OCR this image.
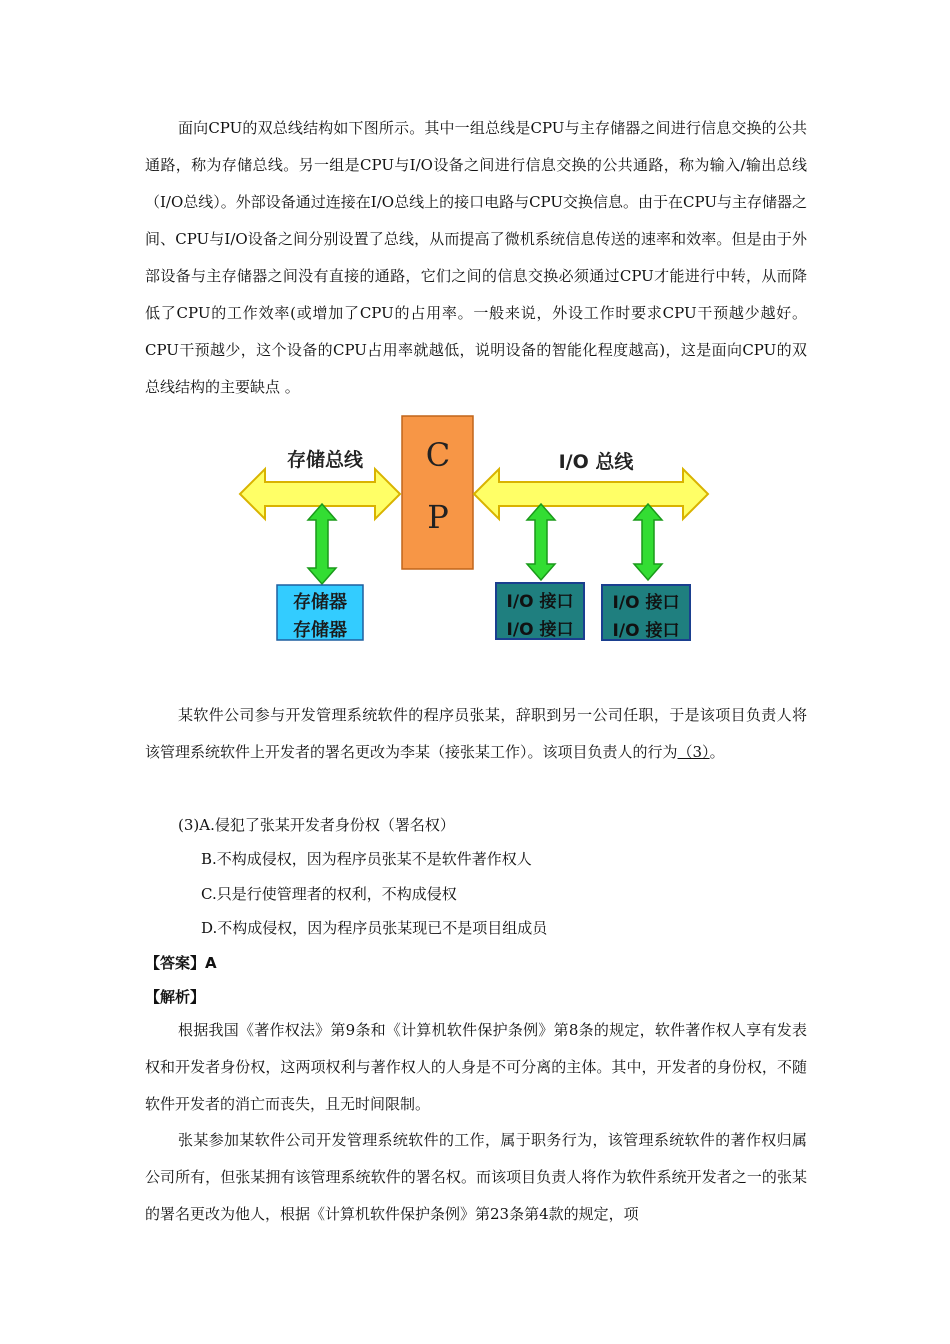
面向CPU的双总线结构如下图所示。其中一组总线是CPU与主存储器之间进行信息交换的公共通路，称为存储总线。另一组是CPU与I/O设备之间进行信息交换的公共通路，称为输入/输出总线（I/O总线）。外部设备通过连接在I/O总线上的接口电路与CPU交换信息。由于在CPU与主存储器之间、CPU与I/O设备之间分别设置了总线，从而提高了微机系统信息传送的速率和效率。但是由于外部设备与主存储器之间没有直接的通路，它们之间的信息交换必须通过CPU才能进行中转，从而降低了CPU的工作效率(或增加了CPU的占用率。一般来说，外设工作时要求CPU干预越少越好。CPU干预越少，这个设备的CPU占用率就越低，说明设备的智能化程度越高)，这是面向CPU的双总线结构的主要缺点 。

存储总线 C
P
I/O 总线
存储器
存储器
I/O 接口
I/O 接口
I/O 接口
I/O 接口

某软件公司参与开发管理系统软件的程序员张某，辞职到另一公司任职，于是该项目负责人将该管理系统软件上开发者的署名更改为李某（接张某工作）。该项目负责人的行为（3）。

(3)A.侵犯了张某开发者身份权（署名权）
B.不构成侵权，因为程序员张某不是软件著作权人
C.只是行使管理者的权利，不构成侵权
D.不构成侵权，因为程序员张某现已不是项目组成员
【答案】A
【解析】

根据我国《著作权法》第9条和《计算机软件保护条例》第8条的规定，软件著作权人享有发表权和开发者身份权，这两项权利与著作权人的人身是不可分离的主体。其中，开发者的身份权，不随软件开发者的消亡而丧失，且无时间限制。

张某参加某软件公司开发管理系统软件的工作，属于职务行为，该管理系统软件的著作权归属公司所有，但张某拥有该管理系统软件的署名权。而该项目负责人将作为软件系统开发者之一的张某的署名更改为他人，根据《计算机软件保护条例》第23条第4款的规定，项
